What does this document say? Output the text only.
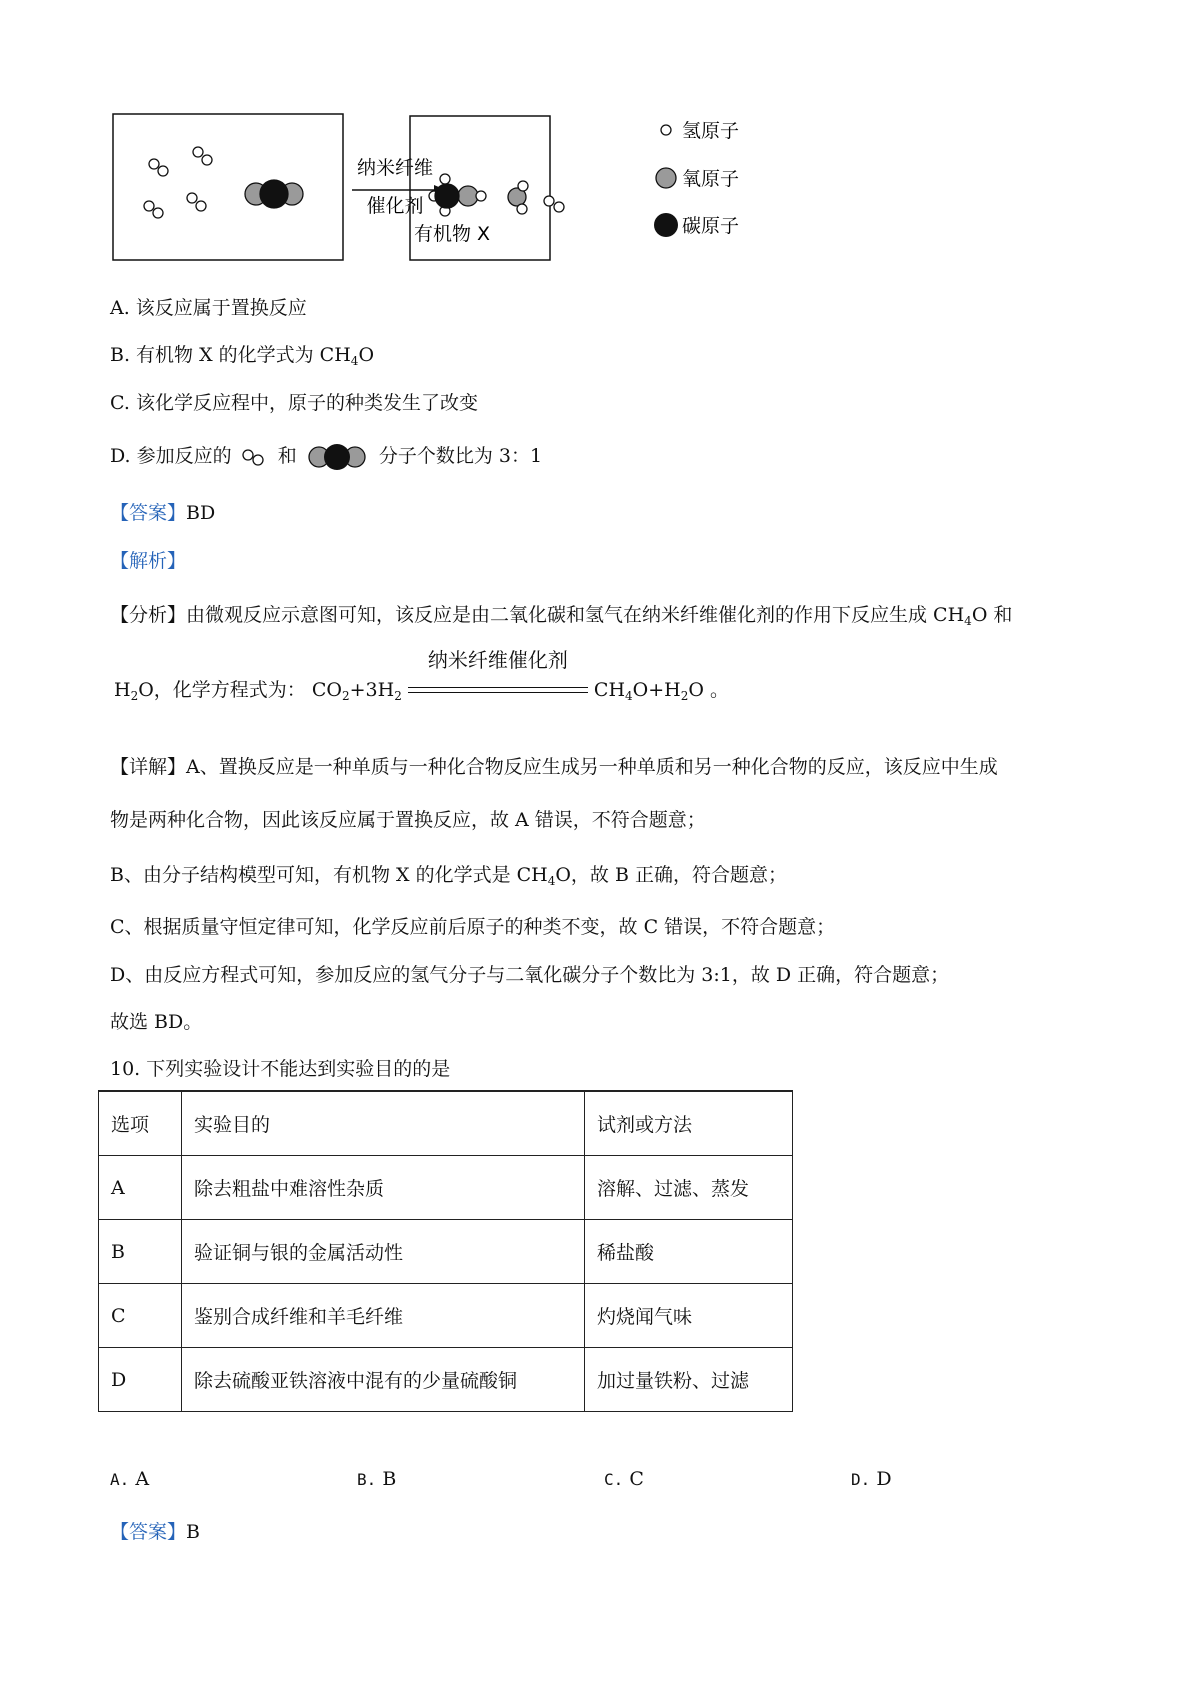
纳米纤维
催化剂
有机物 X
氢原子
氧原子
碳原子
A. 该反应属于置换反应
B. 有机物 X 的化学式为 $CH_4O$
C. 该化学反应程中，原子的种类发生了改变
D. 参加反应的 和	分子个数比为 3：1
【答案】BD
【解析】
【分析】由微观反应示意图可知，该反应是由二氧化碳和氢气在纳米纤维催化剂的作用下反应生成 $CH_4O$ 和
$H_2O$，化学方程式为： $CO_2+3H_2$
纳米纤维催化剂
$CH_4O+H_2O$ 。
【详解】A、置换反应是一种单质与一种化合物反应生成另一种单质和另一种化合物的反应，该反应中生成
物是两种化合物，因此该反应属于置换反应，故 A 错误，不符合题意；
B、由分子结构模型可知，有机物 X 的化学式是 $CH_4O$，故 B 正确，符合题意；
C、根据质量守恒定律可知，化学反应前后原子的种类不变，故 C 错误，不符合题意；
D、由反应方程式可知，参加反应的氢气分子与二氧化碳分子个数比为 3:1，故 D 正确，符合题意；
故选 BD。
10. 下列实验设计不能达到实验目的的是
选项	实验目的	试剂或方法
A	除去粗盐中难溶性杂质	溶解、过滤、蒸发
B	验证铜与银的金属活动性	稀盐酸
C	鉴别合成纤维和羊毛纤维	灼烧闻气味
D	除去硫酸亚铁溶液中混有的少量硫酸铜	加过量铁粉、过滤
A. A	B. B	C. C	D. D
【答案】B
